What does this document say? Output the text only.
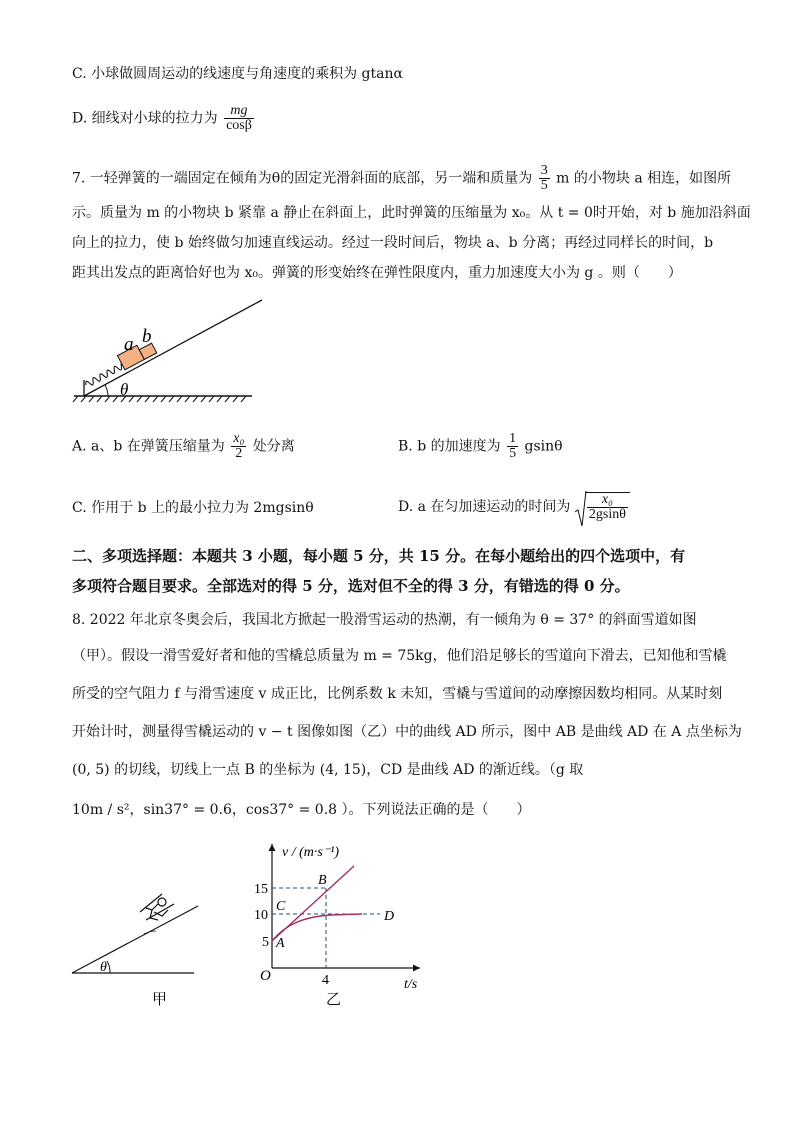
C. 小球做圆周运动的线速度与角速度的乘积为 gtanα
D. 细线对小球的拉力为 $\frac{mg}{\cos\beta}$
7. 一轻弹簧的一端固定在倾角为θ的固定光滑斜面的底部，另一端和质量为 $\frac{3}{5}$ m 的小物块 a 相连，如图所
示。质量为 m 的小物块 b 紧靠 a 静止在斜面上，此时弹簧的压缩量为 x₀。从 t = 0时开始，对 b 施加沿斜面
向上的拉力，使 b 始终做匀加速直线运动。经过一段时间后，物块 a、b 分离；再经过同样长的时间，b
距其出发点的距离恰好也为 x₀。弹簧的形变始终在弹性限度内，重力加速度大小为 g 。则（　　）
a b
θ
A. a、b 在弹簧压缩量为 $\frac{\text{x₀}}{2}$ 处分离	B. b 的加速度为 $\frac{1}{5}$ gsinθ
C. 作用于 b 上的最小拉力为 2mgsinθ	D. a 在匀加速运动的时间为 $\frac{\text{x₀}}{2gsin\theta}$
二、多项选择题：本题共 3 小题，每小题 5 分，共 15 分。在每小题给出的四个选项中，有
多项符合题目要求。全部选对的得 5 分，选对但不全的得 3 分，有错选的得 0 分。
8. 2022 年北京冬奥会后，我国北方掀起一股滑雪运动的热潮，有一倾角为 θ = 37° 的斜面雪道如图
（甲）。假设一滑雪爱好者和他的雪橇总质量为 m = 75kg，他们沿足够长的雪道向下滑去，已知他和雪橇
所受的空气阻力 f 与滑雪速度 v 成正比，比例系数 k 未知，雪橇与雪道间的动摩擦因数均相同。从某时刻
开始计时，测量得雪橇运动的 v − t 图像如图（乙）中的曲线 AD 所示，图中 AB 是曲线 AD 在 A 点坐标为
(0, 5) 的切线，切线上一点 B 的坐标为 (4, 15)，CD 是曲线 AD 的渐近线。（g 取
10m / s²，sin37° = 0.6，cos37° = 0.8 ）。下列说法正确的是（　　）
θ
甲
v / (m·s⁻¹)
t/s
O
15
10
5
4
A
B
C
D
乙
